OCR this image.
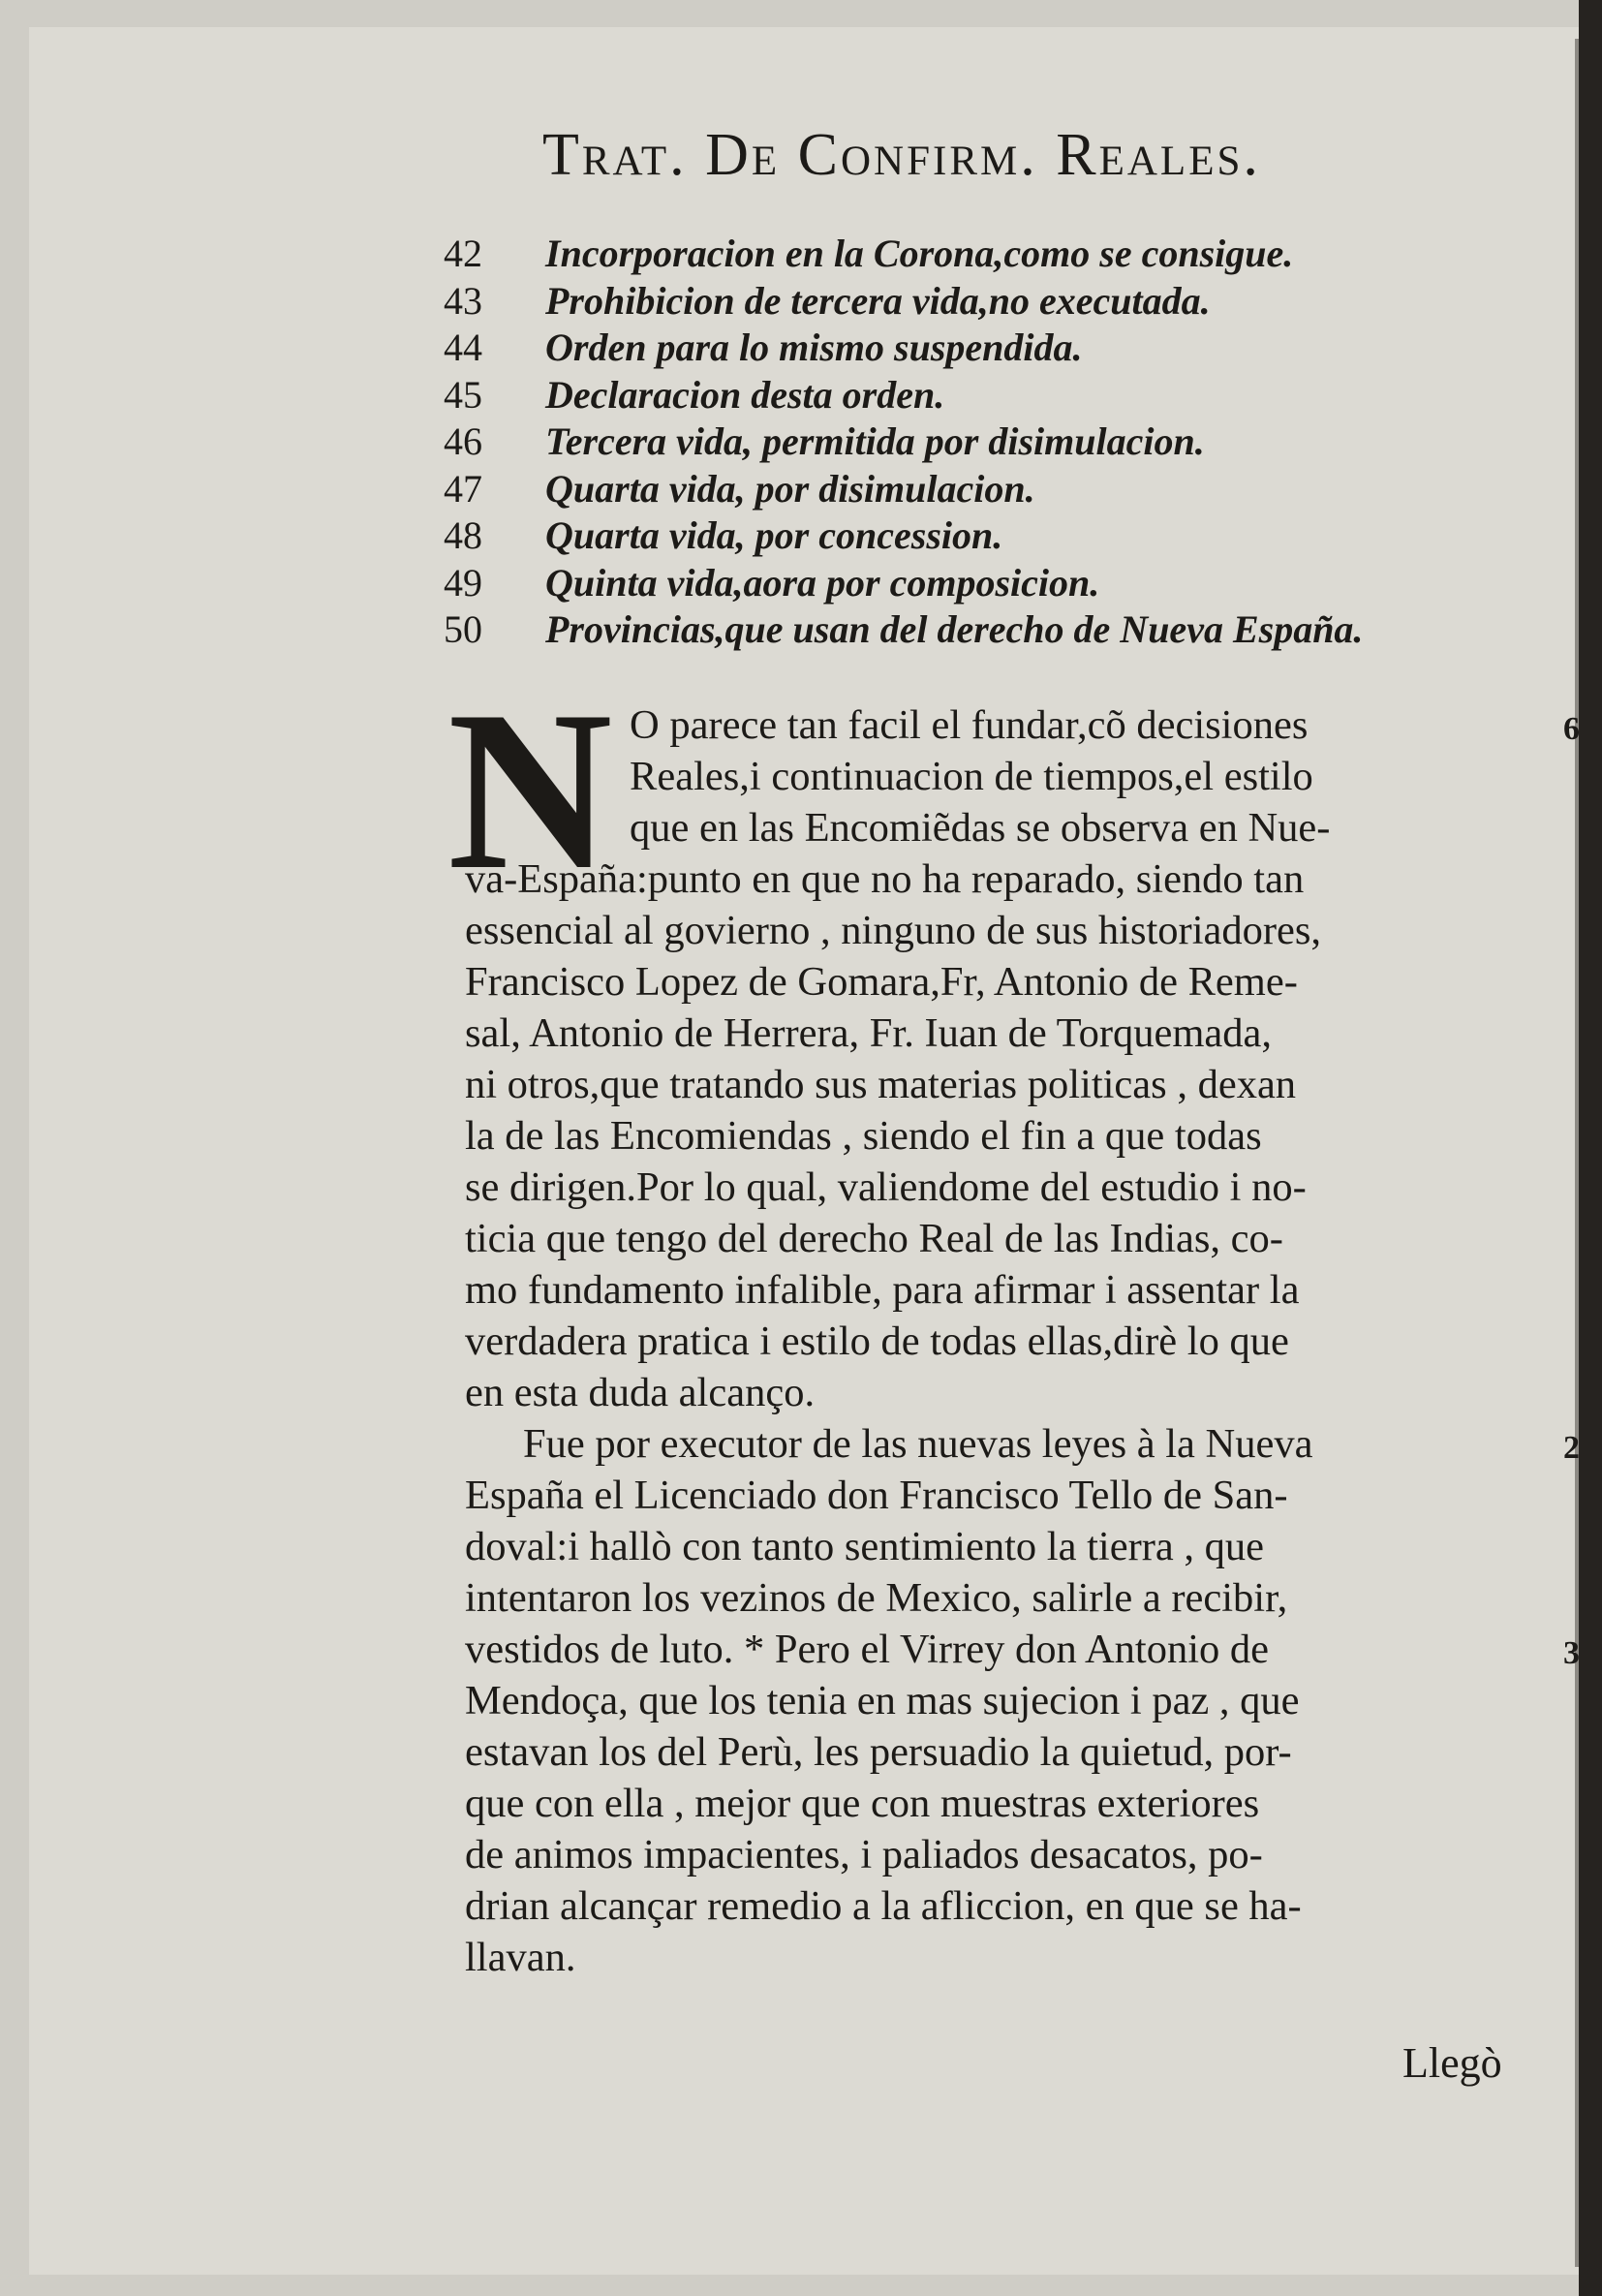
Trat. De Confirm. Reales.
42	Incorporacion en la Corona,como se consigue.
43	Prohibicion de tercera vida,no executada.
44	Orden para lo mismo suspendida.
45	Declaracion desta orden.
46	Tercera vida, permitida por disimulacion.
47	Quarta vida, por disimulacion.
48	Quarta vida, por concession.
49	Quinta vida,aora por composicion.
50	Provincias,que usan del derecho de Nueva España.
N O parece tan facil el fundar,cõ decisiones
Reales,i continuacion de tiempos,el estilo
que en las Encomiẽdas se observa en Nue-
va-España:punto en que no ha reparado, siendo tan
essencial al govierno , ninguno de sus historiadores,
Francisco Lopez de Gomara,Fr, Antonio de Reme-
sal, Antonio de Herrera, Fr. Iuan de Torquemada,
ni otros,que tratando sus materias politicas , dexan
la de las Encomiendas , siendo el fin a que todas
se dirigen.Por lo qual, valiendome del estudio i no-
ticia que tengo del derecho Real de las Indias, co-
mo fundamento infalible, para afirmar i assentar la
verdadera pratica i estilo de todas ellas,dirè lo que
en esta duda alcanço.
Fue por executor de las nuevas leyes à la Nueva
España el Licenciado don Francisco Tello de San-
doval:i hallò con tanto sentimiento la tierra , que
intentaron los vezinos de Mexico, salirle a recibir,
vestidos de luto. * Pero el Virrey don Antonio de
Mendoça, que los tenia en mas sujecion i paz , que
estavan los del Perù, les persuadio la quietud, por-
que con ella , mejor que con muestras exteriores
de animos impacientes, i paliados desacatos, po-
drian alcançar remedio a la afliccion, en que se ha-
llavan.
6
2
3
Llegò
